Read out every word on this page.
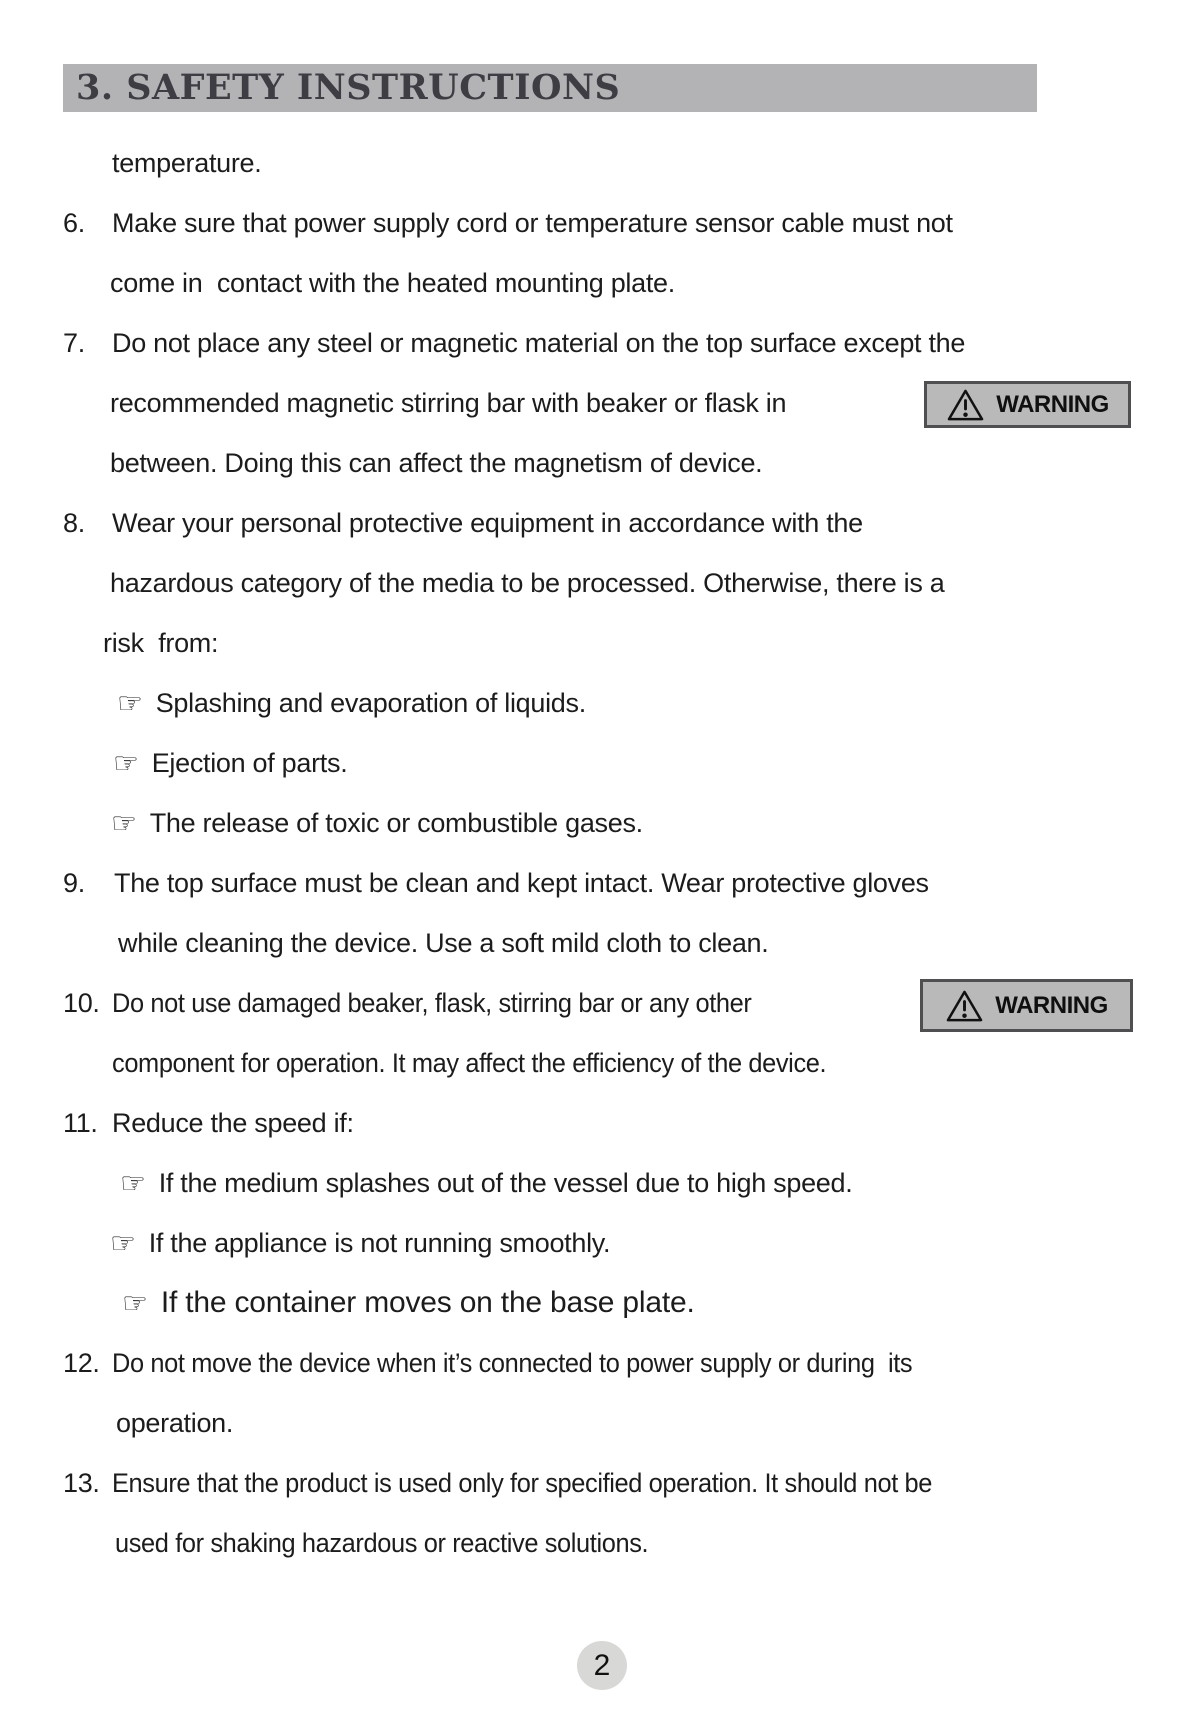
3. SAFETY INSTRUCTIONS
temperature.
6. Make sure that power supply cord or temperature sensor cable must not
come in  contact with the heated mounting plate.
7. Do not place any steel or magnetic material on the top surface except the
recommended magnetic stirring bar with beaker or flask in
between. Doing this can affect the magnetism of device.
8. Wear your personal protective equipment in accordance with the
hazardous category of the media to be processed. Otherwise, there is a
risk  from:
☞ Splashing and evaporation of liquids.
☞ Ejection of parts.
☞ The release of toxic or combustible gases.
9. The top surface must be clean and kept intact. Wear protective gloves
while cleaning the device. Use a soft mild cloth to clean.
10. Do not use damaged beaker, flask, stirring bar or any other
component for operation. It may affect the efficiency of the device.
11. Reduce the speed if:
☞ If the medium splashes out of the vessel due to high speed.
☞ If the appliance is not running smoothly.
☞ If the container moves on the base plate.
12. Do not move the device when it’s connected to power supply or during  its
operation.
13. Ensure that the product is used only for specified operation. It should not be
used for shaking hazardous or reactive solutions.
WARNING
WARNING
2
